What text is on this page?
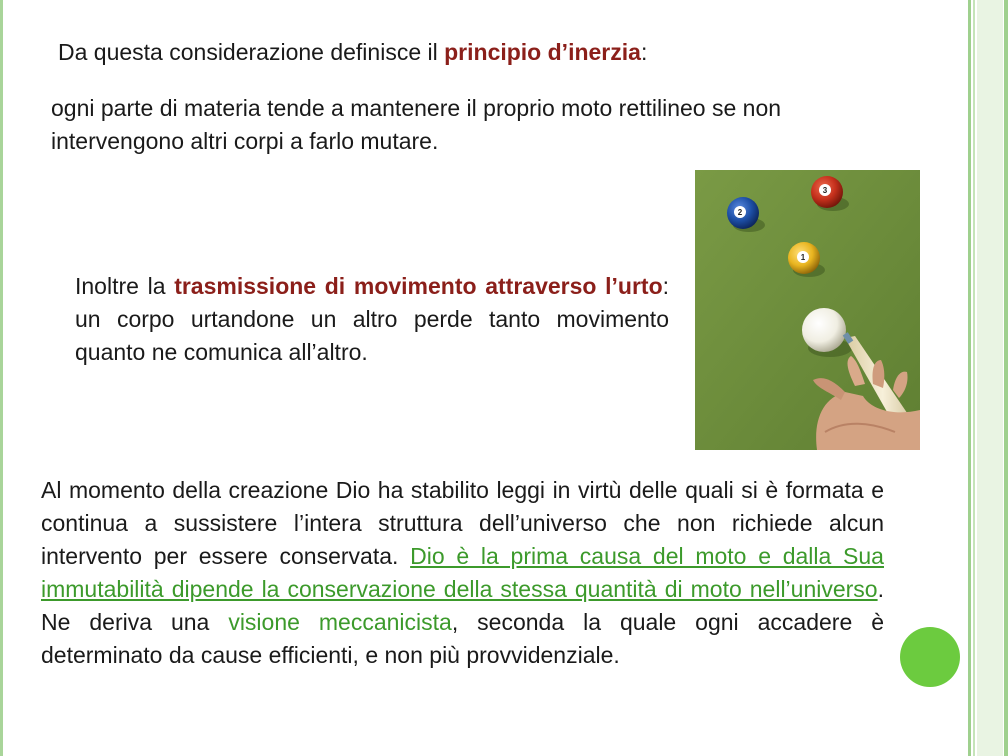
Da questa considerazione definisce il principio d’inerzia:

ogni parte di materia tende a mantenere il proprio moto rettilineo se non intervengono altri corpi a farlo mutare.

Inoltre la trasmissione di movimento attraverso l’urto: un corpo urtandone un altro perde tanto movimento quanto ne comunica all’altro.

3
2
1

Al momento della creazione Dio ha stabilito leggi in virtù delle quali si è formata e continua a sussistere l’intera struttura dell’universo che non richiede alcun intervento per essere conservata. Dio è la prima causa del moto e dalla Sua immutabilità dipende la conservazione della stessa quantità di moto nell’universo. Ne deriva una visione meccanicista, seconda la quale ogni accadere è determinato da cause efficienti, e non più provvidenziale.
